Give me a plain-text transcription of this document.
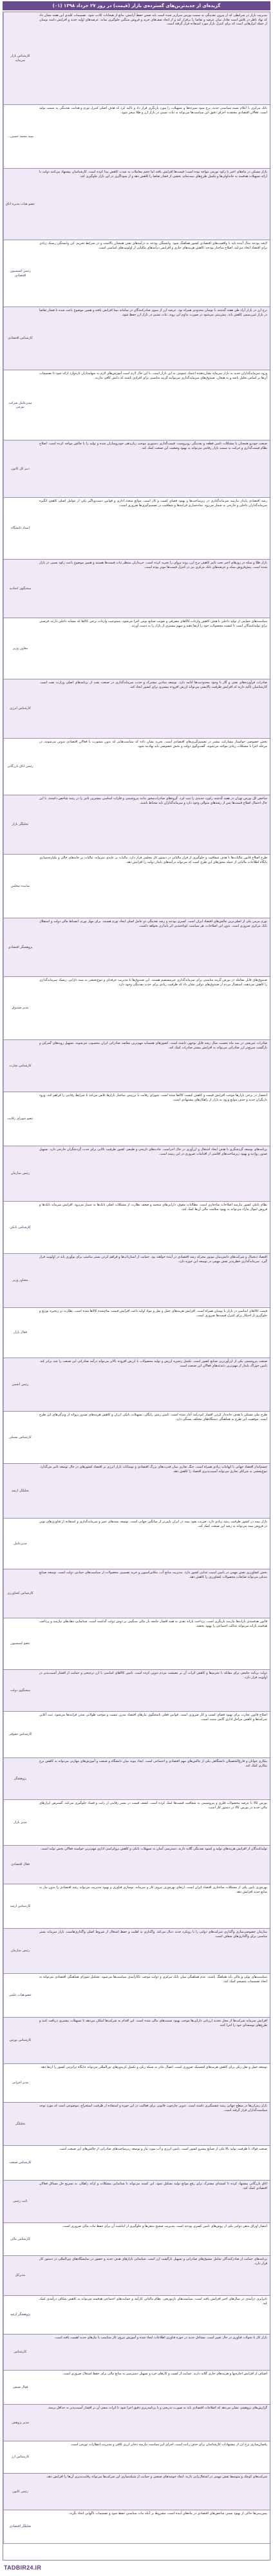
گزیده‌ای از جدیدترین‌های گسترده‌ی بازار (قیمت) در روز ۲۷ خرداد ۱۳۹۸ (۰۱)
مدیریت بازار در شرایطی که از بیرون نقدینگی به سمت بورس سرازیر شده است باید ضمن حفظ آرامش، مانع از هیجانات کاذب شود. تصمیمات کلیدی این هفته نشان داد که نهاد ناظر در تلاش است تعادل میان عرضه و تقاضا را برقرار کند و از ایجاد صف‌های خرید و فروش سنگین جلوگیری نماید. عرضه‌های اولیه جدید و افزایش دامنه نوسان از جمله ابزارهایی است که برای کنترل بازار مورد استفاده قرار گرفته است.
کارشناس بازار سرمایه
بانک مرکزی با اعلام بسته سیاستی جدید، نرخ سود سپرده‌ها و تسهیلات را مورد بازنگری قرار داد و تاکید کرد که هدف اصلی کنترل تورم و هدایت نقدینگی به سمت تولید است. فعالان اقتصادی معتقدند اجرای دقیق این سیاست‌ها می‌تواند به ثبات نسبی در بازار ارز و طلا منجر شود.
سید محمد حسین...
بازار مسکن در ماه‌های اخیر با رکود تورمی مواجه بوده است؛ قیمت‌ها افزایش یافته اما حجم معاملات به شدت کاهش پیدا کرده است. کارشناسان پیشنهاد می‌کنند دولت با ارائه تسهیلات هدفمند به خانه‌اولی‌ها و تکمیل طرح‌های نیمه‌تمام، بخشی از فشار تقاضا را کاهش دهد و از سوداگری در این بازار جلوگیری کند.
عضو هیات مدیره اتاق
لایحه بودجه سال آینده باید با واقعیت‌های اقتصادی کشور هماهنگ شود. وابستگی بودجه به درآمدهای نفتی همچنان بالاست و در شرایط تحریم، این وابستگی ریسک زیادی برای اقتصاد ایجاد می‌کند. اصلاح ساختار بودجه، کاهش هزینه‌های جاری و افزایش درآمدهای مالیاتی از اولویت‌های اساسی است.
رئیس کمیسیون اقتصادی
نرخ ارز در بازار آزاد طی هفته گذشته با نوسان محدودی همراه بود. عرضه ارز از سوی صادرکنندگان در سامانه نیما افزایش یافته و همین موضوع باعث شده تا فشار تقاضا در بازار غیررسمی کاهش یابد. پیش‌بینی می‌شود در صورت تداوم این روند، ثبات نسبی در بازار ارز حفظ شود.
کارشناس اقتصادی
ورود سرمایه‌گذاران جدید به بازار سرمایه نشان‌دهنده اعتماد عمومی به این بازار است. با این حال لازم است آموزش‌های لازم به سهامداران تازه‌وارد ارائه شود تا تصمیمات آن‌ها بر اساس تحلیل باشد و نه هیجان. صندوق‌های سرمایه‌گذاری می‌توانند گزینه مناسبی برای افرادی باشند که دانش کافی ندارند.
مدیرعامل شرکت بورس
صنعت خودرو همچنان با مشکلات تامین قطعه و نقدینگی روبروست. قیمت‌گذاری دستوری موجب زیان‌دهی خودروسازان شده و تولید را با چالش مواجه کرده است. اصلاح نظام قیمت‌گذاری و حرکت به سمت بازار رقابتی می‌تواند به بهبود وضعیت این صنعت کمک کند.
دبیر کل کانون
رشد اقتصادی پایدار نیازمند سرمایه‌گذاری در زیرساخت‌ها و بهبود فضای کسب و کار است. موانع متعدد اداری و قوانین دست‌وپاگیر یکی از عوامل اصلی کاهش انگیزه سرمایه‌گذاران داخلی و خارجی به شمار می‌رود. ساده‌سازی فرایندها و شفافیت در تصمیم‌گیری‌ها ضروری است.
استاد دانشگاه
بازار طلا و سکه در روزهای اخیر تحت تاثیر کاهش نرخ ارز، روند نزولی را تجربه کرده است. خریداران منتظر ثبات قیمت‌ها هستند و همین موضوع باعث رکود نسبی در بازار شده است. پیش‌فروش سکه و عرضه‌های بانک مرکزی نیز در کنترل قیمت‌ها موثر بوده است.
سخنگوی اتحادیه
سیاست‌های حمایتی از تولید داخلی با هدف کاهش واردات کالاهای مصرفی و تقویت صنایع بومی اجرا می‌شود. ممنوعیت واردات برخی کالاها که مشابه داخلی دارند، فرصتی برای تولیدکنندگان است تا کیفیت محصولات خود را ارتقا دهند و سهم بیشتری از بازار را به دست آورند.
معاون وزیر
صادرات فرآورده‌های نفتی و گاز با وجود محدودیت‌ها ادامه دارد. توسعه میادین مشترک و جذب سرمایه‌گذاری در صنعت نفت از برنامه‌های اصلی وزارت نفت است. کارشناسان تاکید دارند که افزایش ظرفیت پالایشی می‌تواند ارزش افزوده بیشتری برای کشور ایجاد کند.
کارشناس انرژی
بخش خصوصی خواستار مشارکت بیشتر در تصمیم‌گیری‌های اقتصادی است. تجربه نشان داده که سیاست‌هایی که بدون مشورت با فعالان اقتصادی تدوین می‌شوند، در مرحله اجرا با مشکلات زیادی مواجه می‌شوند. گفت‌وگوی دولت و بخش خصوصی باید نهادینه شود.
رئیس اتاق بازرگانی
شاخص کل بورس تهران در هفته گذشته رکورد جدیدی را ثبت کرد. گروه‌های صادرات‌محور مانند پتروشیمی و فلزات اساسی بیشترین تاثیر را در رشد شاخص داشتند. با این حال احتمال اصلاح قیمت‌ها پس از رشدهای متوالی وجود دارد و سرمایه‌گذاران باید محتاط باشند.
تحلیلگر بازار
طرح اصلاح قانون مالیات‌ها با هدف شفافیت و جلوگیری از فرار مالیاتی در دستور کار مجلس قرار دارد. مالیات بر عایدی سرمایه، مالیات بر خانه‌های خالی و یکپارچه‌سازی پایگاه اطلاعات مالیاتی از جمله محورهای این طرح است که می‌تواند درآمدهای پایدار دولت را افزایش دهد.
نماینده مجلس
تورم مزمن یکی از اصلی‌ترین چالش‌های اقتصاد ایران است. کسری بودجه و رشد نقدینگی دو عامل اصلی ایجاد تورم هستند. برای مهار تورم، انضباط مالی دولت و استقلال بانک مرکزی ضروری است. بدون این اصلاحات، هر سیاست کوتاه‌مدتی اثر پایداری نخواهد داشت.
پژوهشگر اقتصادی
صندوق‌های قابل معامله در بورس گزینه مناسبی برای سرمایه‌گذاری غیرمستقیم هستند. این صندوق‌ها با مدیریت حرفه‌ای و تنوع‌بخشی به سبد دارایی، ریسک سرمایه‌گذاری را کاهش می‌دهند. استقبال مردم از صندوق‌های دولتی نشان داد که ظرفیت زیادی برای جذب نقدینگی وجود دارد.
مدیر صندوق
صادرات غیرنفتی در سه ماه نخست سال رشد قابل توجهی داشته است. کشورهای همسایه مهم‌ترین مقاصد صادراتی ایران محسوب می‌شوند. تسهیل رویه‌های گمرکی و بازگشت سریع‌تر ارز صادراتی می‌تواند به افزایش بیشتر صادرات کمک کند.
کارشناس تجارت
انحصار در برخی بازارها موجب افزایش قیمت و کاهش کیفیت کالاها شده است. شورای رقابت با بررسی ساختار بازارها تلاش می‌کند تا شرایط رقابتی را فراهم کند. ورود بازیگران جدید و حذف موانع ورود به بازار از راهکارهای پیشنهادی است.
عضو شورای رقابت
برنامه‌های توسعه گردشگری با هدف ایجاد اشتغال و ارزآوری در حال اجراست. جاذبه‌های تاریخی و طبیعی کشور ظرفیت بالایی برای جذب گردشگران خارجی دارد. تسهیل صدور روادید و بهبود زیرساخت‌های اقامتی از اقدامات ضروری در این زمینه است.
رئیس سازمان
نظام بانکی کشور نیازمند اصلاحات ساختاری است. مطالبات معوق، دارایی‌های منجمد و ضعف نظارت از مشکلات اصلی بانک‌ها به شمار می‌رود. افزایش سرمایه بانک‌ها و فروش اموال مازاد می‌تواند به بهبود سلامت مالی آن‌ها کمک کند.
کارشناس بانکی
اقتصاد دیجیتال و شرکت‌های دانش‌بنیان موتور محرکه رشد اقتصادی در آینده خواهند بود. حمایت از استارتاپ‌ها و فراهم کردن بستر مناسب برای نوآوری باید در اولویت قرار گیرد. سرمایه‌گذاری خطرپذیر نقش مهمی در توسعه این حوزه دارد.
مشاور وزیر
قیمت کالاهای اساسی در بازار با نوسان همراه است. افزایش هزینه‌های حمل و نقل و مواد اولیه باعث افزایش قیمت تمام‌شده کالاها شده است. نظارت بر زنجیره توزیع و جلوگیری از احتکار برای کنترل قیمت‌ها ضروری است.
فعال بازار
صنعت پتروشیمی یکی از ارزآورترین صنایع کشور است. تکمیل زنجیره ارزش و تولید محصولات با ارزش افزوده بالاتر می‌تواند درآمد صادراتی این صنعت را چند برابر کند. تامین خوراک پایدار از مهم‌ترین دغدغه‌های فعالان این صنعت است.
رئیس انجمن
طرح ملی مسکن با هدف خانه‌دار کردن اقشار کم‌درآمد آغاز شده است. تامین زمین رایگان، تسهیلات بانکی ارزان و کاهش هزینه‌های صدور پروانه از ویژگی‌های این طرح است. موفقیت این طرح به هماهنگی دستگاه‌های مختلف بستگی دارد.
کارشناس مسکن
چشم‌انداز اقتصاد جهانی با ابهامات زیادی همراه است. جنگ تجاری میان قدرت‌های بزرگ اقتصادی و نوسانات بازار انرژی بر اقتصاد کشورهای در حال توسعه تاثیر می‌گذارد. تنوع‌بخشی به شرکای تجاری می‌تواند آسیب‌پذیری اقتصاد را کاهش دهد.
تحلیلگر ارشد
بازار بیمه در کشور ظرفیت رشد زیادی دارد. ضریب نفوذ بیمه در ایران پایین‌تر از میانگین جهانی است. توسعه بیمه‌های عمر و سرمایه‌گذاری و استفاده از فناوری‌های نوین در فروش بیمه می‌تواند به رشد این صنعت کمک کند.
مدیرعامل
بخش کشاورزی نقش مهمی در تامین امنیت غذایی کشور دارد. مدیریت منابع آب، مکانیزاسیون و خرید تضمینی محصولات از سیاست‌های حمایتی دولت است. توسعه صنایع تبدیلی می‌تواند ضایعات محصولات کشاورزی را کاهش دهد.
کارشناس کشاورزی
قانون هدفمندی یارانه‌ها نیازمند بازنگری است. پرداخت یارانه نقدی به همه اقشار جامعه بار مالی سنگینی بر دوش دولت گذاشته است. شناسایی دهک‌های نیازمند و پرداخت هدفمند یارانه می‌تواند عدالت اجتماعی را بهبود بخشد.
عضو کمیسیون
دولت برنامه جامعی برای مقابله با تحریم‌ها و کاهش اثرات آن بر معیشت مردم تدوین کرده است. تامین کالاهای اساسی با ارز ترجیحی و حمایت از اقشار آسیب‌پذیر در اولویت قرار دارد.
سخنگوی دولت
اصلاح قانون تجارت برای بهبود فضای کسب و کار ضروری است. قوانین فعلی پاسخگوی نیازهای اقتصاد مدرن نیست و موجب طولانی شدن فرایندها می‌شود. ثبت آنلاین شرکت‌ها و کاهش مراحل اداری گامی مثبت است.
کارشناس حقوقی
بیکاری جوانان و فارغ‌التحصیلان دانشگاهی یکی از چالش‌های مهم اقتصادی و اجتماعی است. ایجاد پیوند میان دانشگاه و صنعت و آموزش‌های مهارتی می‌تواند به کاهش نرخ بیکاری کمک کند.
پژوهشگر
بورس کالا با عرضه محصولات فلزی و پتروشیمی به شفافیت قیمت‌ها کمک کرده است. کشف قیمت در بستر رقابتی از رانت و فساد جلوگیری می‌کند. گسترش ابزارهای مالی جدید در بورس کالا در دستور کار است.
مدیر بازار
تولیدکنندگان از افزایش هزینه‌های تولید و کمبود نقدینگی گلایه دارند. دسترسی آسان به تسهیلات بانکی و کاهش بروکراسی اداری مهم‌ترین خواسته فعالان بخش تولید است.
فعال اقتصادی
بهره‌وری پایین یکی از مشکلات ساختاری اقتصاد ایران است. ارتقای بهره‌وری نیروی کار و سرمایه، نوسازی فناوری و بهبود مدیریت می‌تواند رشد اقتصادی را بدون نیاز به منابع جدید افزایش دهد.
کارشناس ارشد
سازمان خصوصی‌سازی واگذاری شرکت‌های دولتی را با رویکرد جدید دنبال می‌کند. واگذاری به اهلیت و حفظ اشتغال از شروط اصلی واگذاری‌هاست. بازار سرمایه بستر مناسبی برای واگذاری‌های شفاف است.
رئیس سازمان
سیاست‌های پولی و مالی باید هماهنگ باشند. عدم هماهنگی میان بانک مرکزی و دولت موجب ناکارآمدی سیاست‌ها می‌شود. تشکیل شورای هماهنگی اقتصادی می‌تواند به اتخاذ تصمیمات منسجم کمک کند.
عضو هیات علمی
افزایش سرمایه شرکت‌ها از محل تجدید ارزیابی دارایی‌ها موجب بهبود نسبت‌های مالی شده است. این اقدام به شرکت‌ها امکان می‌دهد تا تسهیلات بیشتری دریافت کنند و طرح‌های توسعه‌ای خود را اجرا کنند.
کارشناس بورس
توسعه حمل و نقل ریلی برای کاهش هزینه‌های لجستیک ضروری است. اتصال بنادر به شبکه ریلی و تکمیل کریدورهای بین‌المللی می‌تواند جایگاه ترانزیتی کشور را ارتقا دهد.
مدیر اجرایی
بازار رمزارزها در سطح جهانی رشد چشمگیری داشته است. تدوین چارچوب قانونی برای فعالیت در این حوزه و استفاده از ظرفیت استخراج، موضوعی است که مورد توجه سیاست‌گذاران قرار گرفته است.
تحلیلگر
صنعت فولاد با ظرفیت تولید بالا یکی از صنایع پیشرو کشور است. تامین انرژی و آب مورد نیاز و توسعه زیرساخت‌های صادراتی از چالش‌های این صنعت است.
کارشناس صنعت
اتاق بازرگانی پیشنهاد کرده تا کمیته‌ای مشترک برای رفع موانع تولید تشکیل شود. این کمیته می‌تواند با شناسایی مشکلات و ارائه راهکار، به تسریع حل مسائل فعالان اقتصادی کمک کند.
نایب رئیس
انتشار اوراق بدهی دولتی یکی از روش‌های تامین کسری بودجه است. مدیریت صحیح بدهی‌ها و جلوگیری از انباشت آن برای حفظ ثبات مالی ضروری است.
کارشناس مالی
برنامه‌های حمایت از صادرکنندگان شامل مشوق‌های صادراتی و تسهیل بازگشت ارز است. شناسایی بازارهای هدف جدید و حضور در نمایشگاه‌های بین‌المللی در دستور کار قرار دارد.
مدیرکل
نابرابری درآمدی در سال‌های اخیر افزایش یافته است. سیاست‌های بازتوزیعی، نظام مالیاتی کارآمد و حمایت‌های اجتماعی هدفمند می‌تواند به کاهش شکاف درآمدی کمک کند.
پژوهشگر ارشد
بازار کار با تحولات فناوری در حال تغییر است. مشاغل جدید در حوزه فناوری اطلاعات ایجاد شده و آموزش نیروی کار متناسب با نیازهای جدید اهمیت یافته است.
کارشناس
اصناف از افزایش اجاره‌بها و هزینه‌های جاری گلایه دارند. حمایت از کسب و کارهای خرد و تسهیل دسترسی به منابع مالی برای حفظ اشتغال ضروری است.
فعال صنفی
گزارش‌های پژوهشی نشان می‌دهد که اصلاحات اقتصادی باید به صورت تدریجی و با برنامه‌ریزی دقیق اجرا شود تا اثرات منفی آن بر اقشار آسیب‌پذیر به حداقل برسد.
مدیر پژوهش
یکسان‌سازی نرخ ارز از پیشنهادات کارشناسان برای حذف رانت است. اجرای این سیاست نیازمند ذخایر ارزی کافی و مدیریت انتظارات تورمی است.
کارشناس ارز
شرکت‌های کوچک و متوسط نقش مهمی در اشتغال‌زایی دارند. ایجاد خوشه‌های صنعتی و حمایت از شبکه‌سازی این شرکت‌ها می‌تواند رقابت‌پذیری آن‌ها را افزایش دهد.
رئیس کانون
پیش‌بینی‌ها حاکی از بهبود نسبی شاخص‌های اقتصادی در ماه‌های آینده است، مشروط بر آنکه ثبات سیاستی حفظ شود و تصمیمات ناگهانی اتخاذ نگردد.
تحلیلگر اقتصادی
TADBIR24.IR
